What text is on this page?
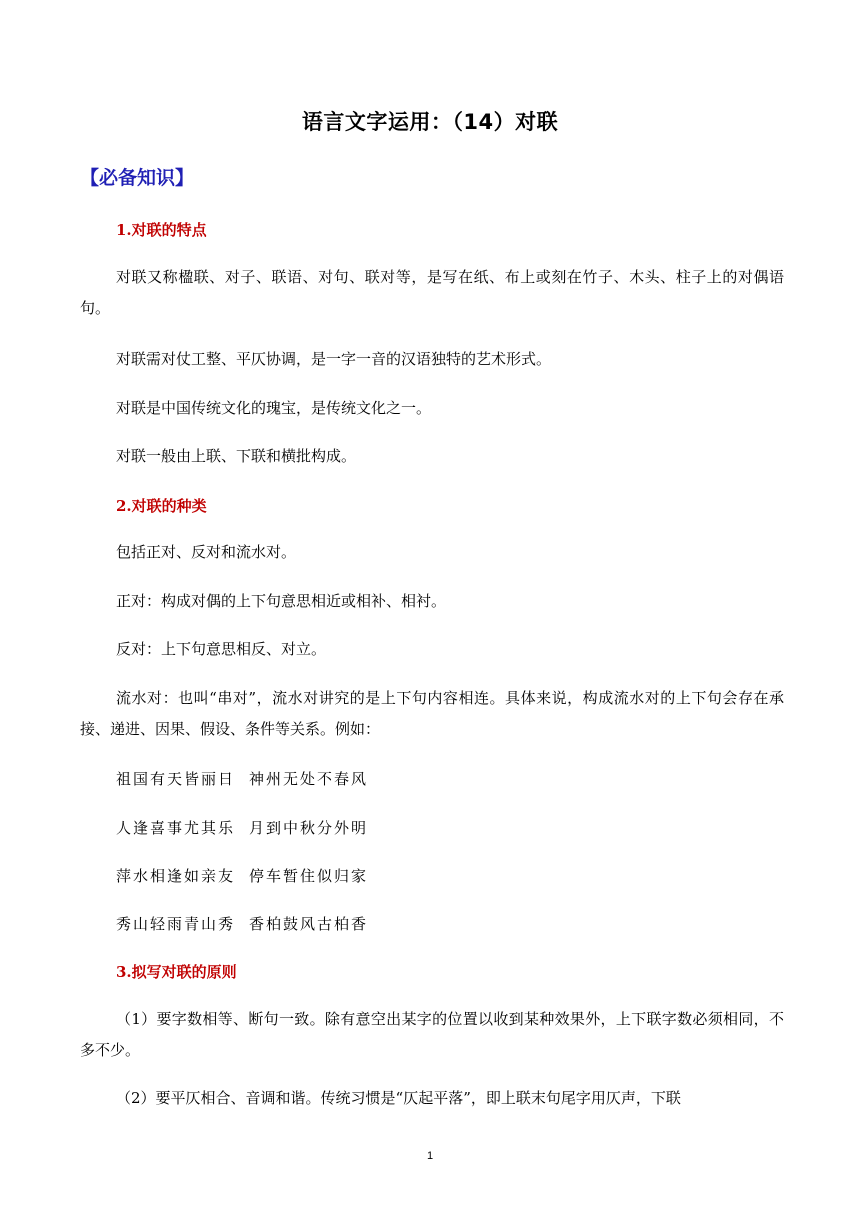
语言文字运用：（14）对联
【必备知识】
1.对联的特点
对联又称楹联、对子、联语、对句、联对等，是写在纸、布上或刻在竹子、木头、柱子上的对偶语句。
对联需对仗工整、平仄协调，是一字一音的汉语独特的艺术形式。
对联是中国传统文化的瑰宝，是传统文化之一。
对联一般由上联、下联和横批构成。
2.对联的种类
包括正对、反对和流水对。
正对：构成对偶的上下句意思相近或相补、相衬。
反对：上下句意思相反、对立。
流水对：也叫“串对”，流水对讲究的是上下句内容相连。具体来说，构成流水对的上下句会存在承接、递进、因果、假设、条件等关系。例如：
祖国有天皆丽日 神州无处不春风
人逢喜事尤其乐 月到中秋分外明
萍水相逢如亲友 停车暂住似归家
秀山轻雨青山秀 香柏鼓风古柏香
3.拟写对联的原则
（1）要字数相等、断句一致。除有意空出某字的位置以收到某种效果外，上下联字数必须相同，不多不少。
（2）要平仄相合、音调和谐。传统习惯是“仄起平落”，即上联末句尾字用仄声，下联
1
